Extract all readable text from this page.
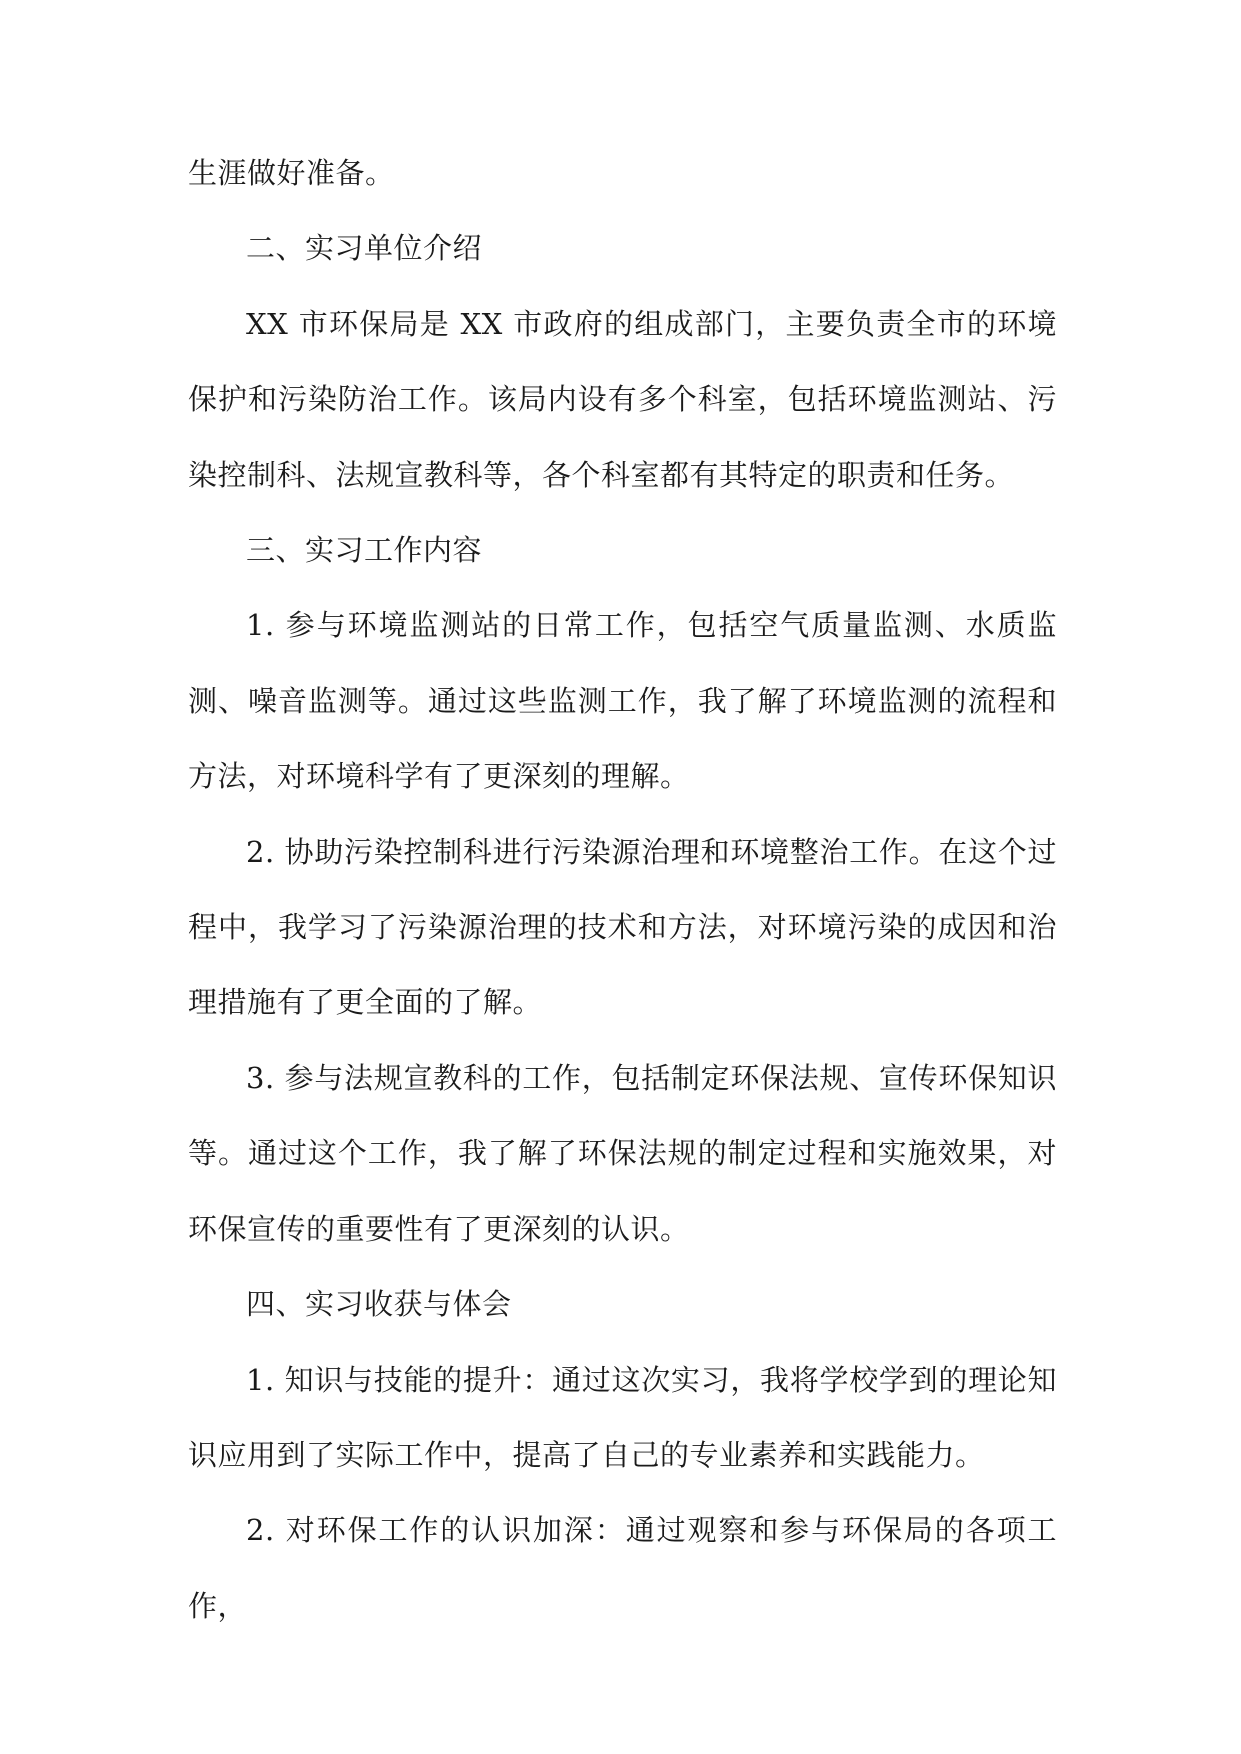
生涯做好准备。

二、实习单位介绍

XX 市环保局是 XX 市政府的组成部门，主要负责全市的环境保护和污染防治工作。该局内设有多个科室，包括环境监测站、污染控制科、法规宣教科等，各个科室都有其特定的职责和任务。

三、实习工作内容

1. 参与环境监测站的日常工作，包括空气质量监测、水质监测、噪音监测等。通过这些监测工作，我了解了环境监测的流程和方法，对环境科学有了更深刻的理解。

2. 协助污染控制科进行污染源治理和环境整治工作。在这个过程中，我学习了污染源治理的技术和方法，对环境污染的成因和治理措施有了更全面的了解。

3. 参与法规宣教科的工作，包括制定环保法规、宣传环保知识等。通过这个工作，我了解了环保法规的制定过程和实施效果，对环保宣传的重要性有了更深刻的认识。

四、实习收获与体会

1. 知识与技能的提升：通过这次实习，我将学校学到的理论知识应用到了实际工作中，提高了自己的专业素养和实践能力。

2. 对环保工作的认识加深：通过观察和参与环保局的各项工作，
